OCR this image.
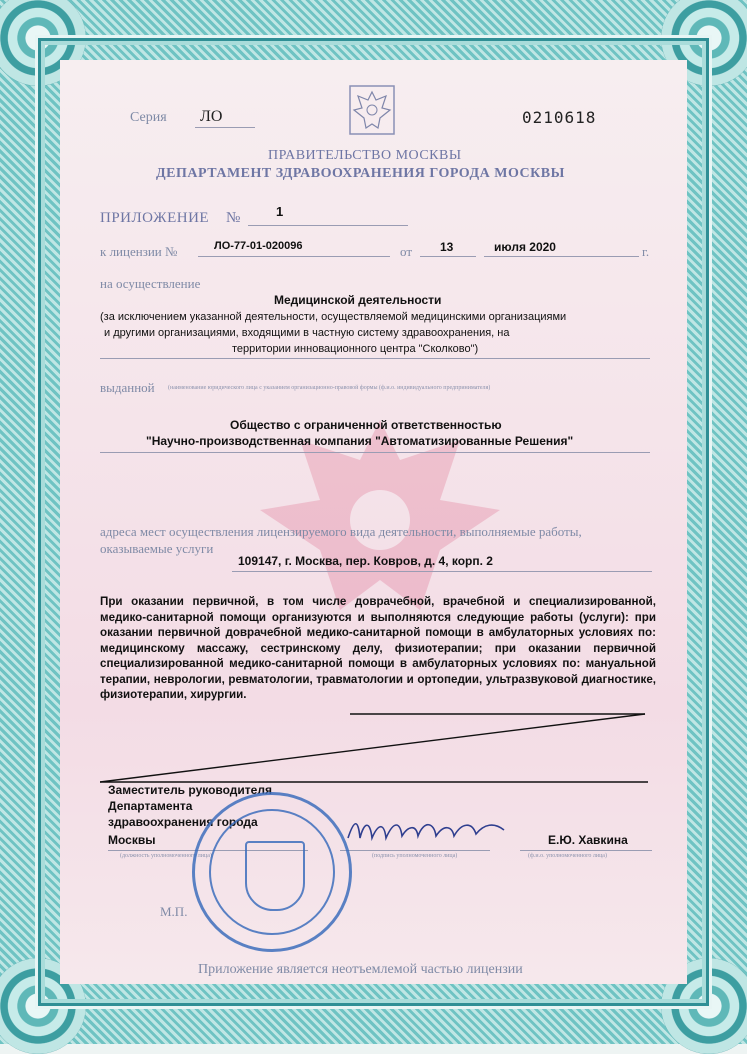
Серия ЛО	0210618
ПРАВИТЕЛЬСТВО МОСКВЫ
ДЕПАРТАМЕНТ ЗДРАВООХРАНЕНИЯ ГОРОДА МОСКВЫ
ПРИЛОЖЕНИЕ №	1
к лицензии №	ЛО-77-01-020096	от 13	июля 2020	г.
на осуществление
Медицинской деятельности
(за исключением указанной деятельности, осуществляемой медицинскими организациями
и другими организациями, входящими в частную систему здравоохранения, на
территории инновационного центра "Сколково")
выданной (наименование юридического лица с указанием организационно-правовой формы (ф.и.о. индивидуального предпринимателя)
Общество с ограниченной ответственностью
"Научно-производственная компания "Автоматизированные Решения"
адреса мест осуществления лицензируемого вида деятельности, выполняемые работы,
оказываемые услуги
109147, г. Москва, пер. Ковров, д. 4, корп. 2
При оказании первичной, в том числе доврачебной, врачебной и специализированной, медико-санитарной помощи организуются и выполняются следующие работы (услуги): при оказании первичной доврачебной медико-санитарной помощи в амбулаторных условиях по: медицинскому массажу, сестринскому делу, физиотерапии; при оказании первичной специализированной медико-санитарной помощи в амбулаторных условиях по: мануальной терапии, неврологии, ревматологии, травматологии и ортопедии, ультразвуковой диагностике, физиотерапии, хирургии.
Заместитель руководителя
Департамента
здравоохранения города
Москвы
(должность уполномоченного лица)	(подпись уполномоченного лица)
Е.Ю. Хавкина
(ф.и.о. уполномоченного лица)
М.П.
Приложение является неотъемлемой частью лицензии
